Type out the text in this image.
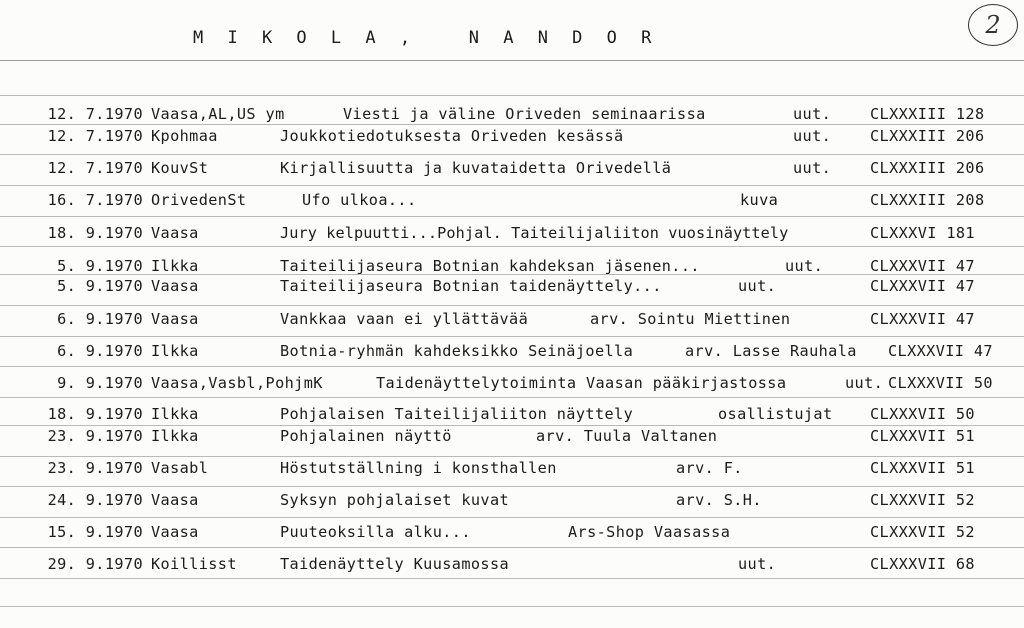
M I K O L A ,   N A N D O R	2
12. 7.1970 Vaasa,AL,US ym	Viesti ja väline Oriveden seminaarissa	uut.	CLXXXIII 128
12. 7.1970 Kpohmaa	Joukkotiedotuksesta Oriveden kesässä	uut.	CLXXXIII 206
12. 7.1970 KouvSt	Kirjallisuutta ja kuvataidetta Orivedellä	uut.	CLXXXIII 206
16. 7.1970 OrivedenSt	Ufo ulkoa...	kuva	CLXXXIII 208
18. 9.1970 Vaasa	Jury kelpuutti...Pohjal. Taiteilijaliiton vuosinäyttely	CLXXXVI 181
5. 9.1970 Ilkka	Taiteilijaseura Botnian kahdeksan jäsenen...	uut.	CLXXXVII 47
5. 9.1970 Vaasa	Taiteilijaseura Botnian taidenäyttely...	uut.	CLXXXVII 47
6. 9.1970 Vaasa	Vankkaa vaan ei yllättävää	arv. Sointu Miettinen	CLXXXVII 47
6. 9.1970 Ilkka	Botnia-ryhmän kahdeksikko Seinäjoella	arv. Lasse Rauhala CLXXXVII 47
9. 9.1970 Vaasa,Vasbl,PohjmK	Taidenäyttelytoiminta Vaasan pääkirjastossa	uut. CLXXXVII 50
18. 9.1970 Ilkka	Pohjalaisen Taiteilijaliiton näyttely	osallistujat CLXXXVII 50
23. 9.1970 Ilkka	Pohjalainen näyttö	arv. Tuula Valtanen	CLXXXVII 51
23. 9.1970 Vasabl	Höstutställning i konsthallen	arv. F.	CLXXXVII 51
24. 9.1970 Vaasa	Syksyn pohjalaiset kuvat	arv. S.H.	CLXXXVII 52
15. 9.1970 Vaasa	Puuteoksilla alku...	Ars-Shop Vaasassa	CLXXXVII 52
29. 9.1970 Koillisst	Taidenäyttely Kuusamossa	uut.	CLXXXVII 68
